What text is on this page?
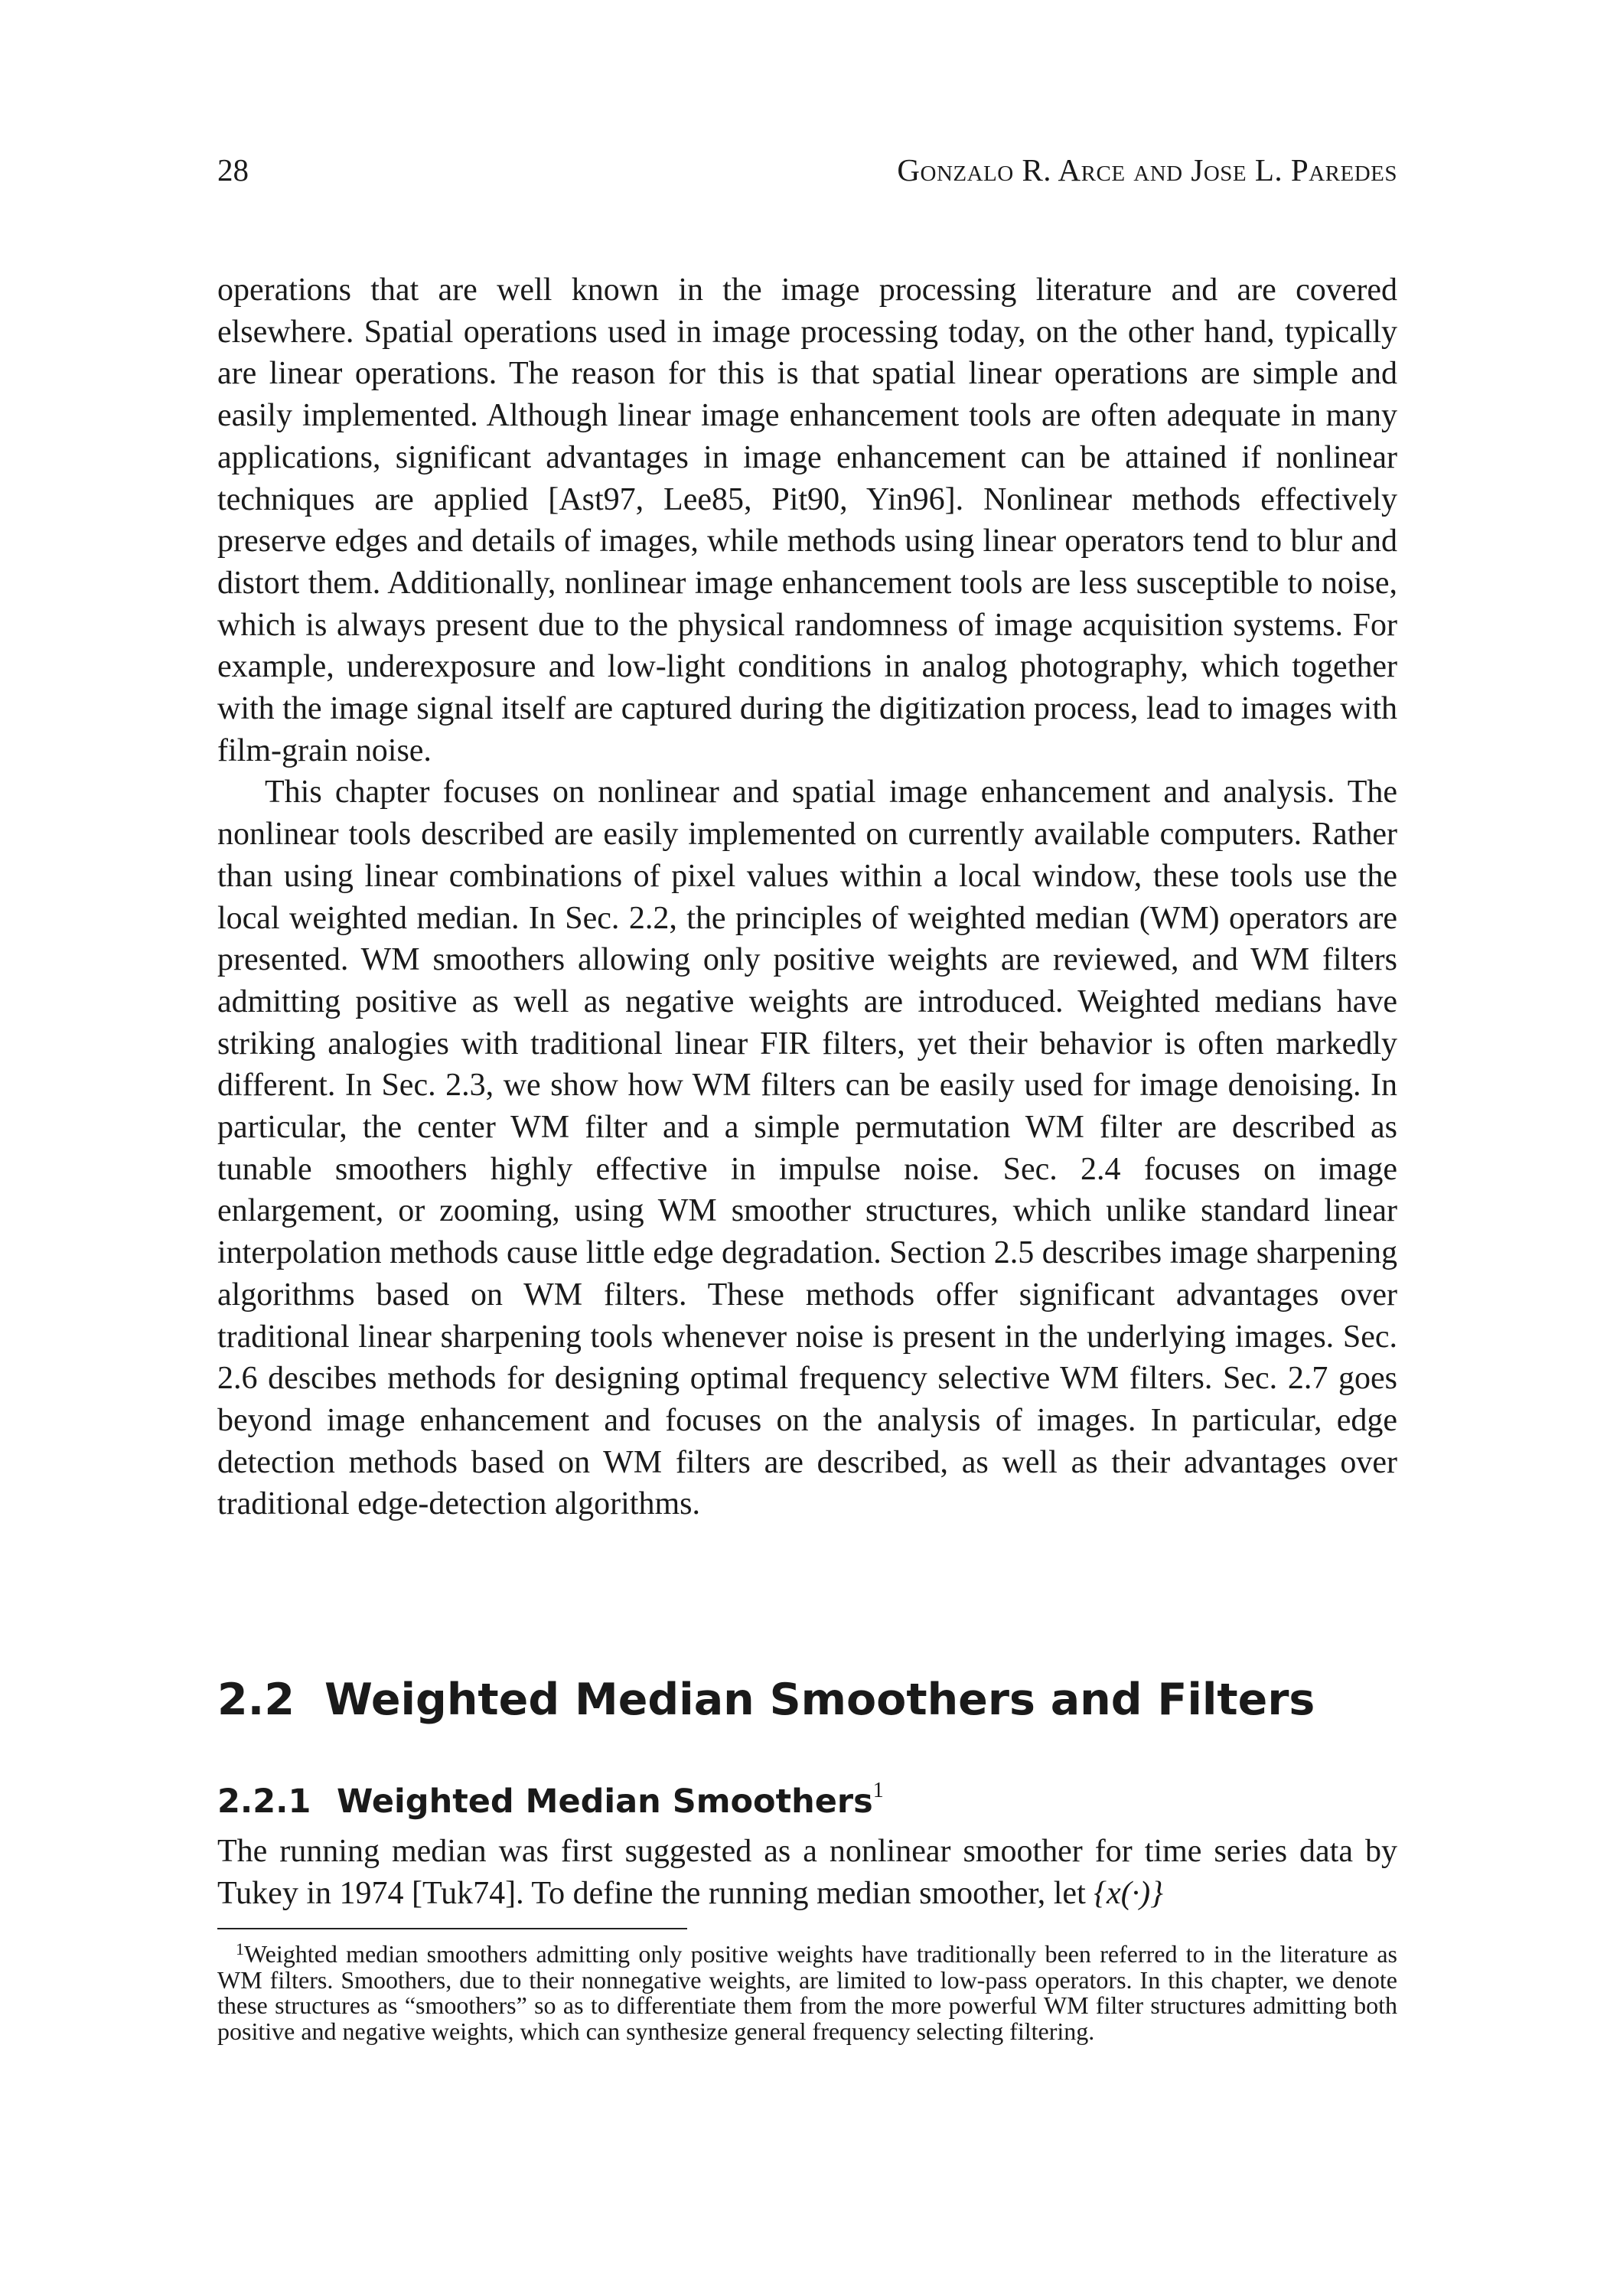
28	Gonzalo R. Arce and Jose L. Paredes

operations that are well known in the image processing literature and are covered elsewhere. Spatial operations used in image processing today, on the other hand, typically are linear operations. The reason for this is that spatial linear operations are simple and easily implemented. Although linear image enhancement tools are often adequate in many applications, significant advantages in image enhancement can be attained if nonlinear techniques are applied [Ast97, Lee85, Pit90, Yin96]. Nonlinear methods effectively preserve edges and details of images, while methods using linear operators tend to blur and distort them. Additionally, nonlinear image enhancement tools are less susceptible to noise, which is always present due to the physical randomness of image acquisition systems. For example, underexposure and low-light conditions in analog photography, which together with the image signal itself are captured during the digitization process, lead to images with film-grain noise.

This chapter focuses on nonlinear and spatial image enhancement and analysis. The nonlinear tools described are easily implemented on currently available computers. Rather than using linear combinations of pixel values within a local window, these tools use the local weighted median. In Sec. 2.2, the principles of weighted median (WM) operators are presented. WM smoothers allowing only positive weights are reviewed, and WM filters admitting positive as well as negative weights are introduced. Weighted medians have striking analogies with traditional linear FIR filters, yet their behavior is often markedly different. In Sec. 2.3, we show how WM filters can be easily used for image denoising. In particular, the center WM filter and a simple permutation WM filter are described as tunable smoothers highly effective in impulse noise. Sec. 2.4 focuses on image enlargement, or zooming, using WM smoother structures, which unlike standard linear interpolation methods cause little edge degradation. Section 2.5 describes image sharpening algorithms based on WM filters. These methods offer significant advantages over traditional linear sharpening tools whenever noise is present in the underlying images. Sec. 2.6 descibes methods for designing optimal frequency selective WM filters. Sec. 2.7 goes beyond image enhancement and focuses on the analysis of images. In particular, edge detection methods based on WM filters are described, as well as their advantages over traditional edge-detection algorithms.

2.2 Weighted Median Smoothers and Filters
2.2.1 Weighted Median Smoothers$^1$

The running median was first suggested as a nonlinear smoother for time series data by Tukey in 1974 [Tuk74]. To define the running median smoother, let {x(·)}

$^1$Weighted median smoothers admitting only positive weights have traditionally been referred to in the literature as WM filters. Smoothers, due to their nonnegative weights, are limited to low-pass operators. In this chapter, we denote these structures as “smoothers” so as to differentiate them from the more powerful WM filter structures admitting both positive and negative weights, which can synthesize general frequency selecting filtering.
